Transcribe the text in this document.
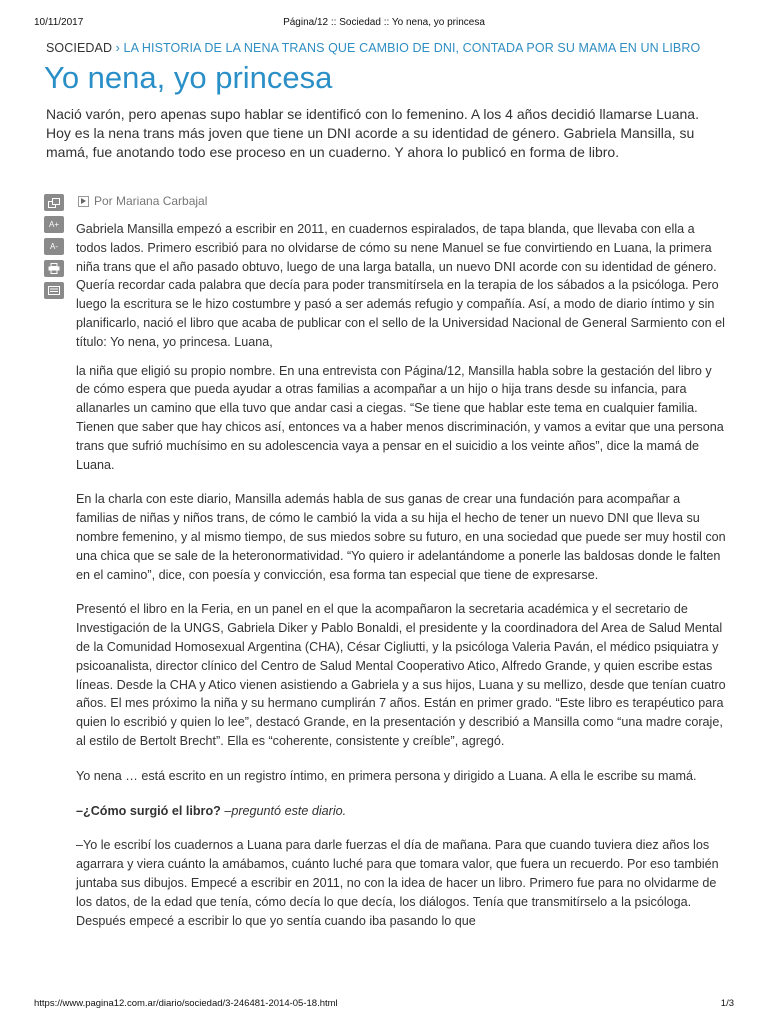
10/11/2017	Página/12 :: Sociedad :: Yo nena, yo princesa
SOCIEDAD › LA HISTORIA DE LA NENA TRANS QUE CAMBIO DE DNI, CONTADA POR SU MAMA EN UN LIBRO
Yo nena, yo princesa

Nació varón, pero apenas supo hablar se identificó con lo femenino. A los 4 años decidió llamarse Luana. Hoy es la nena trans más joven que tiene un DNI acorde a su identidad de género. Gabriela Mansilla, su mamá, fue anotando todo ese proceso en un cuaderno. Y ahora lo publicó en forma de libro.

A+
A-
Por Mariana Carbajal

Gabriela Mansilla empezó a escribir en 2011, en cuadernos espiralados, de tapa blanda, que llevaba con ella a todos lados. Primero escribió para no olvidarse de cómo su nene Manuel se fue convirtiendo en Luana, la primera niña trans que el año pasado obtuvo, luego de una larga batalla, un nuevo DNI acorde con su identidad de género. Quería recordar cada palabra que decía para poder transmitírsela en la terapia de los sábados a la psicóloga. Pero luego la escritura se le hizo costumbre y pasó a ser además refugio y compañía. Así, a modo de diario íntimo y sin planificarlo, nació el libro que acaba de publicar con el sello de la Universidad Nacional de General Sarmiento con el título: Yo nena, yo princesa. Luana,

la niña que eligió su propio nombre. En una entrevista con Página/12, Mansilla habla sobre la gestación del libro y de cómo espera que pueda ayudar a otras familias a acompañar a un hijo o hija trans desde su infancia, para allanarles un camino que ella tuvo que andar casi a ciegas. “Se tiene que hablar este tema en cualquier familia. Tienen que saber que hay chicos así, entonces va a haber menos discriminación, y vamos a evitar que una persona trans que sufrió muchísimo en su adolescencia vaya a pensar en el suicidio a los veinte años”, dice la mamá de Luana.

En la charla con este diario, Mansilla además habla de sus ganas de crear una fundación para acompañar a familias de niñas y niños trans, de cómo le cambió la vida a su hija el hecho de tener un nuevo DNI que lleva su nombre femenino, y al mismo tiempo, de sus miedos sobre su futuro, en una sociedad que puede ser muy hostil con una chica que se sale de la heteronormatividad. “Yo quiero ir adelantándome a ponerle las baldosas donde le falten en el camino”, dice, con poesía y convicción, esa forma tan especial que tiene de expresarse.

Presentó el libro en la Feria, en un panel en el que la acompañaron la secretaria académica y el secretario de Investigación de la UNGS, Gabriela Diker y Pablo Bonaldi, el presidente y la coordinadora del Area de Salud Mental de la Comunidad Homosexual Argentina (CHA), César Cigliutti, y la psicóloga Valeria Paván, el médico psiquiatra y psicoanalista, director clínico del Centro de Salud Mental Cooperativo Atico, Alfredo Grande, y quien escribe estas líneas. Desde la CHA y Atico vienen asistiendo a Gabriela y a sus hijos, Luana y su mellizo, desde que tenían cuatro años. El mes próximo la niña y su hermano cumplirán 7 años. Están en primer grado. “Este libro es terapéutico para quien lo escribió y quien lo lee”, destacó Grande, en la presentación y describió a Mansilla como “una madre coraje, al estilo de Bertolt Brecht”. Ella es “coherente, consistente y creíble”, agregó.

Yo nena … está escrito en un registro íntimo, en primera persona y dirigido a Luana. A ella le escribe su mamá.

–¿Cómo surgió el libro? –preguntó este diario.

–Yo le escribí los cuadernos a Luana para darle fuerzas el día de mañana. Para que cuando tuviera diez años los agarrara y viera cuánto la amábamos, cuánto luché para que tomara valor, que fuera un recuerdo. Por eso también juntaba sus dibujos. Empecé a escribir en 2011, no con la idea de hacer un libro. Primero fue para no olvidarme de los datos, de la edad que tenía, cómo decía lo que decía, los diálogos. Tenía que transmitírselo a la psicóloga. Después empecé a escribir lo que yo sentía cuando iba pasando lo que

https://www.pagina12.com.ar/diario/sociedad/3-246481-2014-05-18.html	1/3
